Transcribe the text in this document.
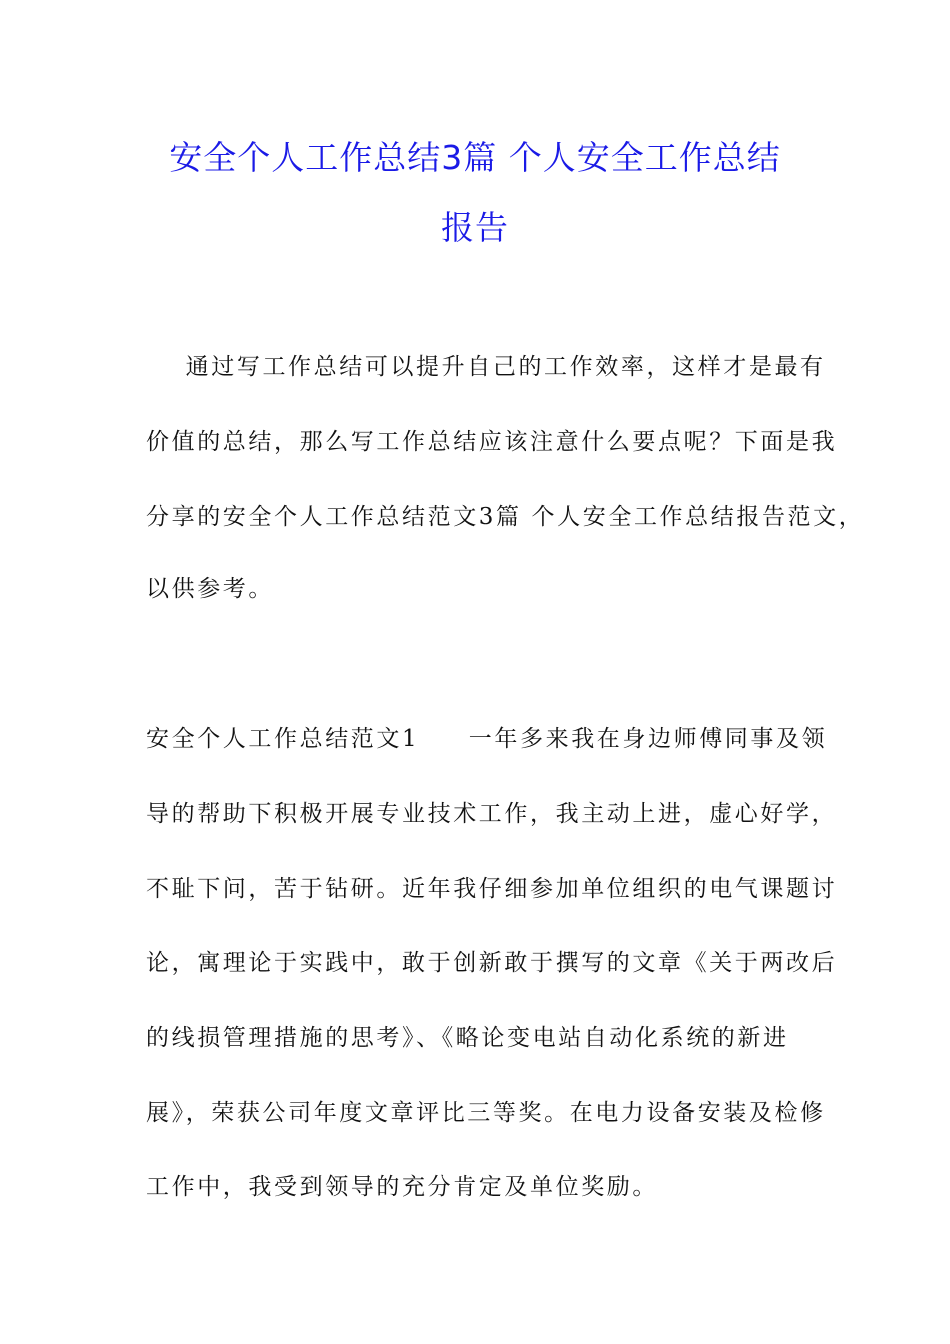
安全个人工作总结3篇 个人安全工作总结
报告
通过写工作总结可以提升自己的工作效率，这样才是最有
价值的总结，那么写工作总结应该注意什么要点呢？下面是我
分享的安全个人工作总结范文3篇 个人安全工作总结报告范文，
以供参考。
安全个人工作总结范文1     一年多来我在身边师傅同事及领
导的帮助下积极开展专业技术工作，我主动上进，虚心好学，
不耻下问，苦于钻研。近年我仔细参加单位组织的电气课题讨
论，寓理论于实践中，敢于创新敢于撰写的文章《关于两改后
的线损管理措施的思考》、《略论变电站自动化系统的新进
展》，荣获公司年度文章评比三等奖。在电力设备安装及检修
工作中，我受到领导的充分肯定及单位奖励。
